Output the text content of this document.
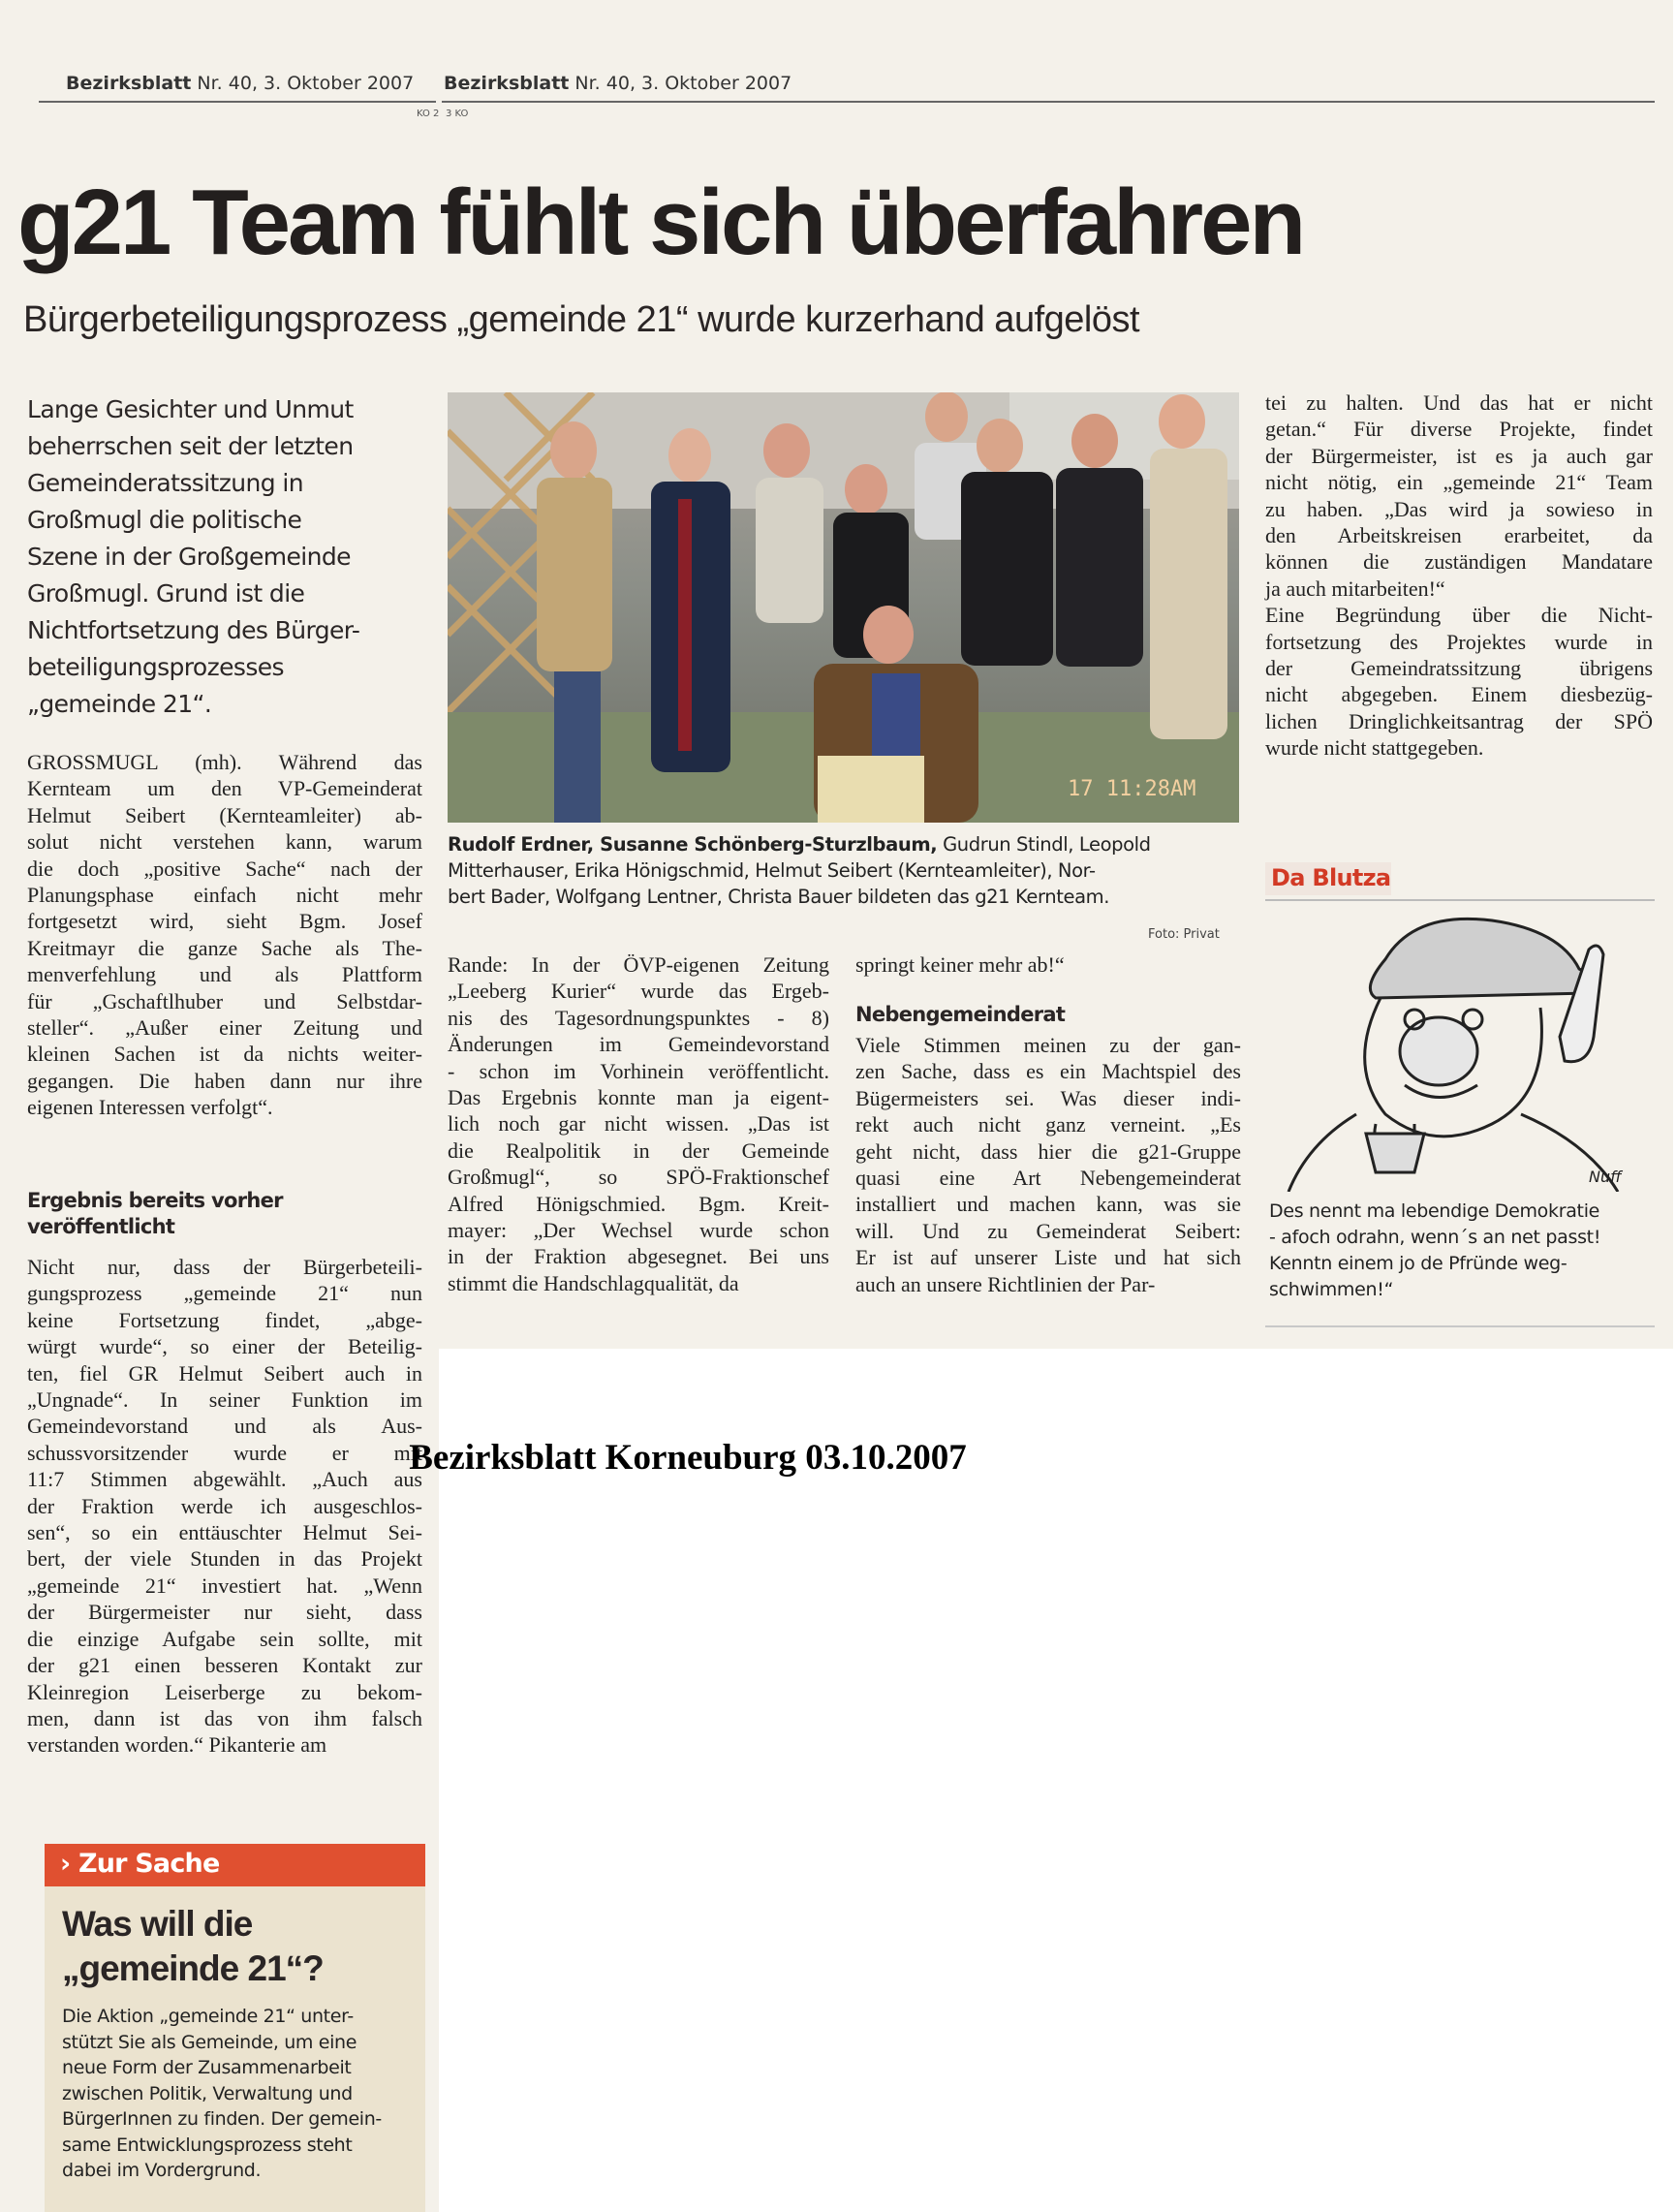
Bezirksblatt Nr. 40, 3. Oktober 2007
KO 2
Bezirksblatt Nr. 40, 3. Oktober 2007
3 KO
g21 Team fühlt sich überfahren
Bürgerbeteiligungsprozess „gemeinde 21“ wurde kurzerhand aufgelöst

Lange Gesichter und Unmut

beherrschen seit der letzten

Gemeinderatssitzung in

Großmugl die politische

Szene in der Großgemeinde

Großmugl. Grund ist die

Nichtfortsetzung des Bürger-

beteiligungsprozesses

„gemeinde 21“.

GROSSMUGL (mh). Während das

Kernteam um den VP-Gemeinderat

Helmut Seibert (Kernteamleiter) ab-

solut nicht verstehen kann, warum

die doch „positive Sache“ nach der

Planungsphase einfach nicht mehr

fortgesetzt wird, sieht Bgm. Josef

Kreitmayr die ganze Sache als The-

menverfehlung und als Plattform

für „Gschaftlhuber und Selbstdar-

steller“. „Außer einer Zeitung und

kleinen Sachen ist da nichts weiter-

gegangen. Die haben dann nur ihre

eigenen Interessen verfolgt“.

Ergebnis bereits vorher

veröffentlicht

Nicht nur, dass der Bürgerbeteili-

gungsprozess „gemeinde 21“ nun

keine Fortsetzung findet, „abge-

würgt wurde“, so einer der Beteilig-

ten, fiel GR Helmut Seibert auch in

„Ungnade“. In seiner Funktion im

Gemeindevorstand und als Aus-

schussvorsitzender wurde er mit

11:7 Stimmen abgewählt. „Auch aus

der Fraktion werde ich ausgeschlos-

sen“, so ein enttäuschter Helmut Sei-

bert, der viele Stunden in das Projekt

„gemeinde 21“ investiert hat. „Wenn

der Bürgermeister nur sieht, dass

die einzige Aufgabe sein sollte, mit

der g21 einen besseren Kontakt zur

Kleinregion Leiserberge zu bekom-

men, dann ist das von ihm falsch

verstanden worden.“ Pikanterie am

17 11:28AM

Rudolf Erdner, Susanne Schönberg-Sturzlbaum, Gudrun Stindl, Leopold

Mitterhauser, Erika Hönigschmid, Helmut Seibert (Kernteamleiter), Nor-

bert Bader, Wolfgang Lentner, Christa Bauer bildeten das g21 Kernteam.

Foto: Privat

Rande: In der ÖVP-eigenen Zeitung

„Leeberg Kurier“ wurde das Ergeb-

nis des Tagesordnungspunktes - 8)

Änderungen im Gemeindevorstand

- schon im Vorhinein veröffentlicht.

Das Ergebnis konnte man ja eigent-

lich noch gar nicht wissen. „Das ist

die Realpolitik in der Gemeinde

Großmugl“, so SPÖ-Fraktionschef

Alfred Hönigschmied. Bgm. Kreit-

mayer: „Der Wechsel wurde schon

in der Fraktion abgesegnet. Bei uns

stimmt die Handschlagqualität, da

springt keiner mehr ab!“

Nebengemeinderat

Viele Stimmen meinen zu der gan-

zen Sache, dass es ein Machtspiel des

Bügermeisters sei. Was dieser indi-

rekt auch nicht ganz verneint. „Es

geht nicht, dass hier die g21-Gruppe

quasi eine Art Nebengemeinderat

installiert und machen kann, was sie

will. Und zu Gemeinderat Seibert:

Er ist auf unserer Liste und hat sich

auch an unsere Richtlinien der Par-

tei zu halten. Und das hat er nicht

getan.“ Für diverse Projekte, findet

der Bürgermeister, ist es ja auch gar

nicht nötig, ein „gemeinde 21“ Team

zu haben. „Das wird ja sowieso in

den Arbeitskreisen erarbeitet, da

können die zuständigen Mandatare

ja auch mitarbeiten!“

Eine Begründung über die Nicht-

fortsetzung des Projektes wurde in

der Gemeindratssitzung übrigens

nicht abgegeben. Einem diesbezüg-

lichen Dringlichkeitsantrag der SPÖ

wurde nicht stattgegeben.

Da Blutza
Nuff

Des nennt ma lebendige Demokratie

- afoch odrahn, wenn´s an net passt!

Kenntn einem jo de Pfründe weg-

schwimmen!“

› Zur Sache

Was will die

„gemeinde 21“?

Die Aktion „gemeinde 21“ unter-

stützt Sie als Gemeinde, um eine

neue Form der Zusammenarbeit

zwischen Politik, Verwaltung und

BürgerInnen zu finden. Der gemein-

same Entwicklungsprozess steht

dabei im Vordergrund.

Bezirksblatt Korneuburg 03.10.2007
